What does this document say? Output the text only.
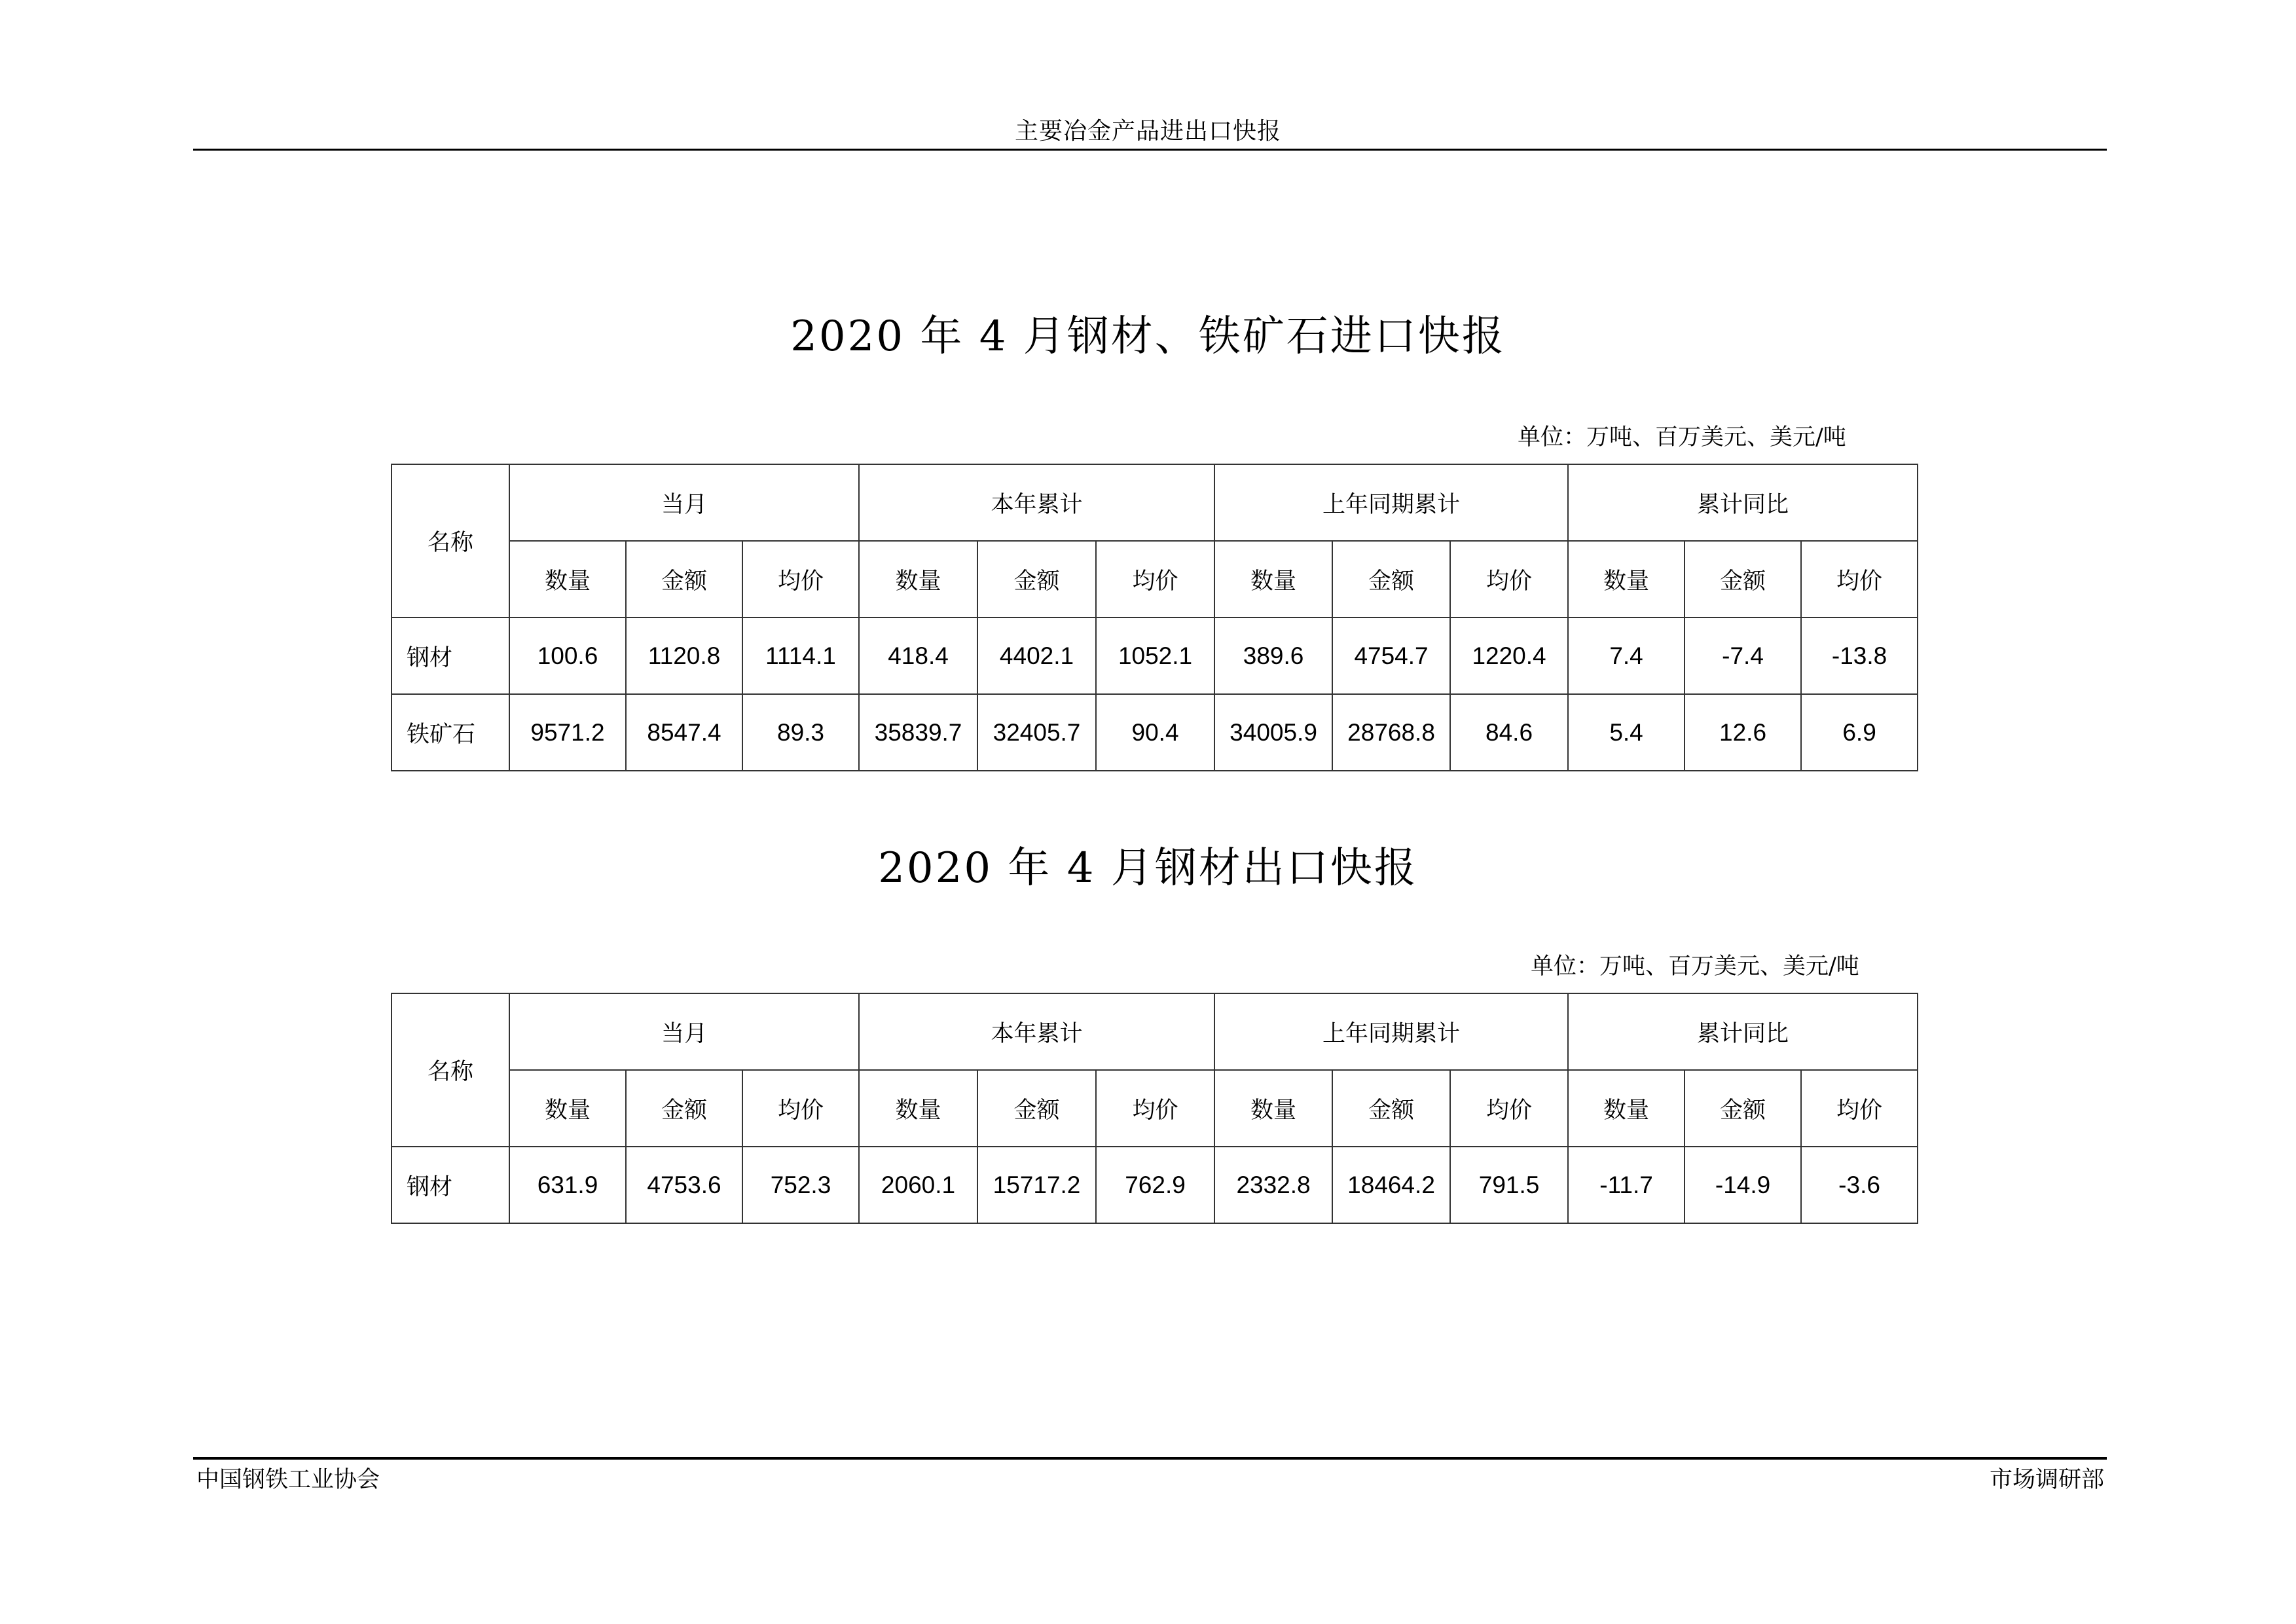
主要冶金产品进出口快报
2020 年 4 月钢材、铁矿石进口快报
单位：万吨、百万美元、美元/吨
名称	当月			本年累计			上年同期累计			累计同比		
	数量	金额	均价	数量	金额	均价	数量	金额	均价	数量	金额	均价
钢材	100.6	1120.8	1114.1	418.4	4402.1	1052.1	389.6	4754.7	1220.4	7.4	-7.4	-13.8
铁矿石	9571.2	8547.4	89.3	35839.7	32405.7	90.4	34005.9	28768.8	84.6	5.4	12.6	6.9
2020 年 4 月钢材出口快报
单位：万吨、百万美元、美元/吨
名称	当月			本年累计			上年同期累计			累计同比		
	数量	金额	均价	数量	金额	均价	数量	金额	均价	数量	金额	均价
钢材	631.9	4753.6	752.3	2060.1	15717.2	762.9	2332.8	18464.2	791.5	-11.7	-14.9	-3.6
中国钢铁工业协会	市场调研部
